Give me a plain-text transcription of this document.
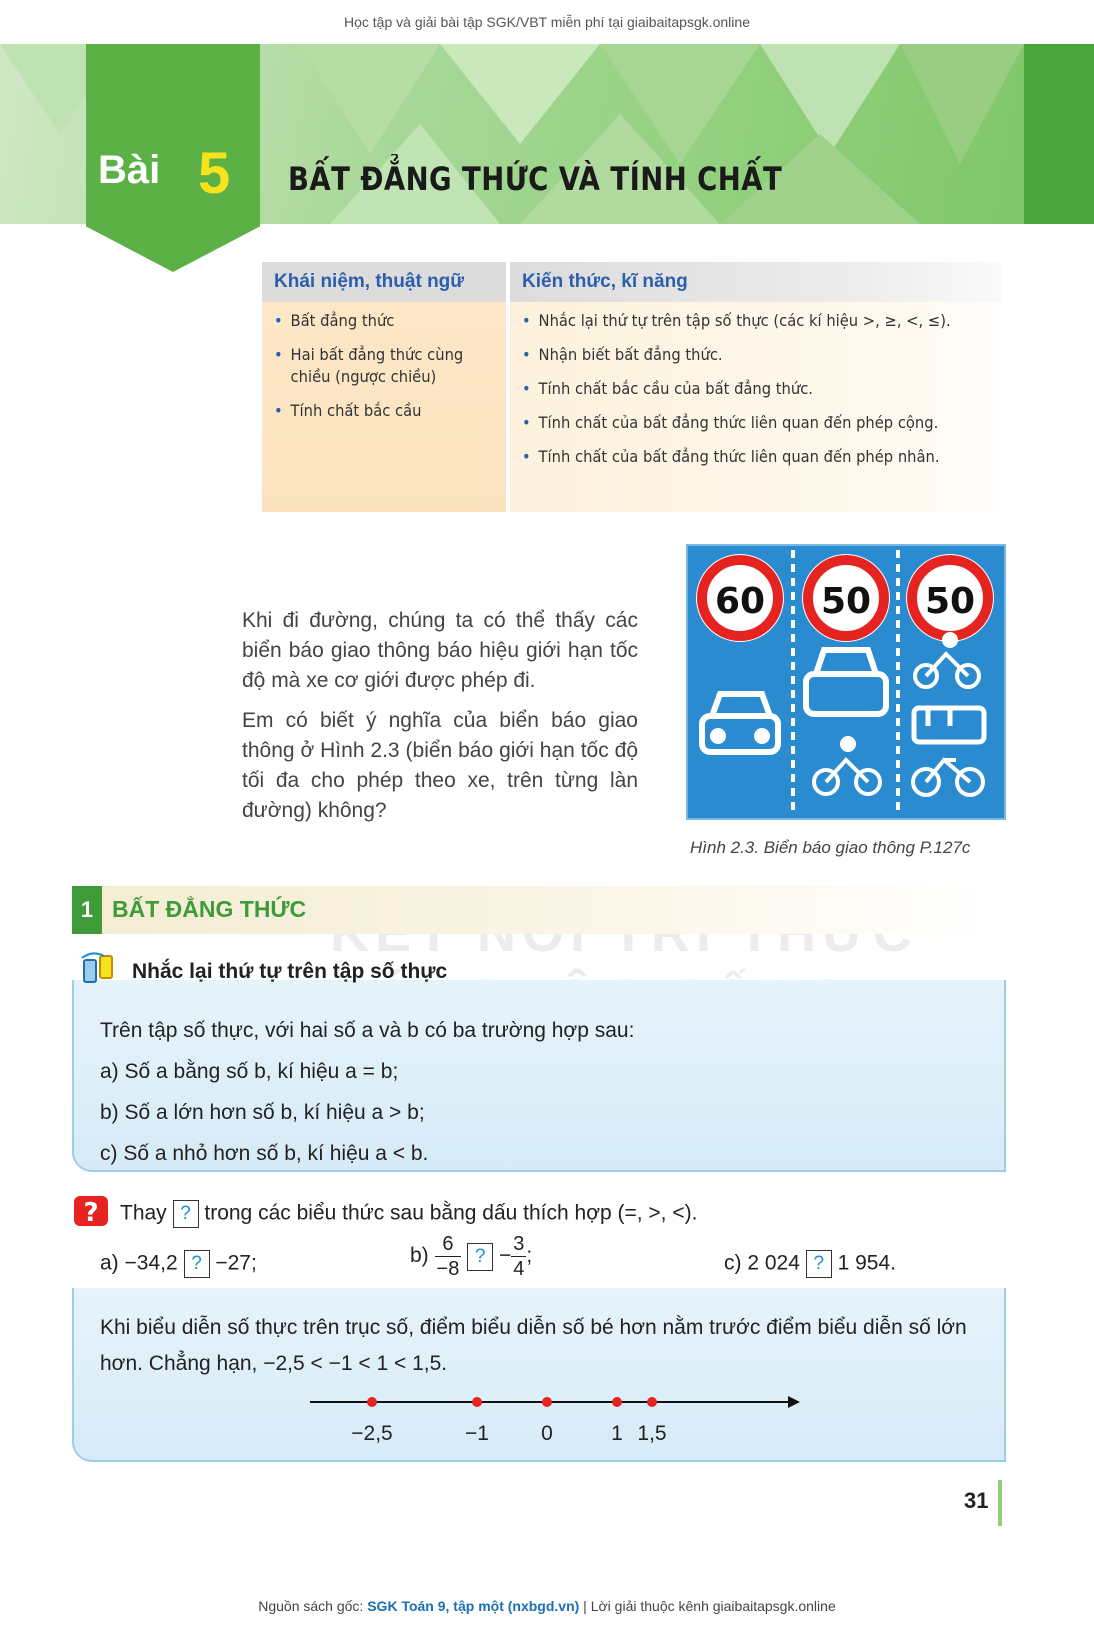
Học tập và giải bài tập SGK/VBT miễn phí tại giaibaitapsgk.online
Bài 5 BẤT ĐẲNG THỨC VÀ TÍNH CHẤT
Khái niệm, thuật ngữ
• Bất đẳng thức
• Hai bất đẳng thức cùng chiều (ngược chiều)
• Tính chất bắc cầu
Kiến thức, kĩ năng
• Nhắc lại thứ tự trên tập số thực (các kí hiệu >, ≥, <, ≤).
• Nhận biết bất đẳng thức.
• Tính chất bắc cầu của bất đẳng thức.
• Tính chất của bất đẳng thức liên quan đến phép cộng.
• Tính chất của bất đẳng thức liên quan đến phép nhân.

Khi đi đường, chúng ta có thể thấy các biển báo giao thông báo hiệu giới hạn tốc độ mà xe cơ giới được phép đi.

Em có biết ý nghĩa của biển báo giao thông ở Hình 2.3 (biển báo giới hạn tốc độ tối đa cho phép theo xe, trên từng làn đường) không?

60 50 50
Hình 2.3. Biển báo giao thông P.127c
1 BẤT ĐẲNG THỨC
Nhắc lại thứ tự trên tập số thực
Trên tập số thực, với hai số a và b có ba trường hợp sau:
a) Số a bằng số b, kí hiệu a = b;
b) Số a lớn hơn số b, kí hiệu a > b;
c) Số a nhỏ hơn số b, kí hiệu a < b.
? Thay ? trong các biểu thức sau bằng dấu thích hợp (=, >, <).
a) −34,2 ? −27;	$b) \frac{6}{-8}$ ? − $\frac{3}{4}$ ;	c) 2 024 ? 1 954.
Khi biểu diễn số thực trên trục số, điểm biểu diễn số bé hơn nằm trước điểm biểu diễn số lớn hơn. Chẳng hạn, −2,5 < −1 < 1 < 1,5.
−2,5	−1 0	1 1,5
31
Nguồn sách gốc: SGK Toán 9, tập một (nxbgd.vn) | Lời giải thuộc kênh giaibaitapsgk.online
